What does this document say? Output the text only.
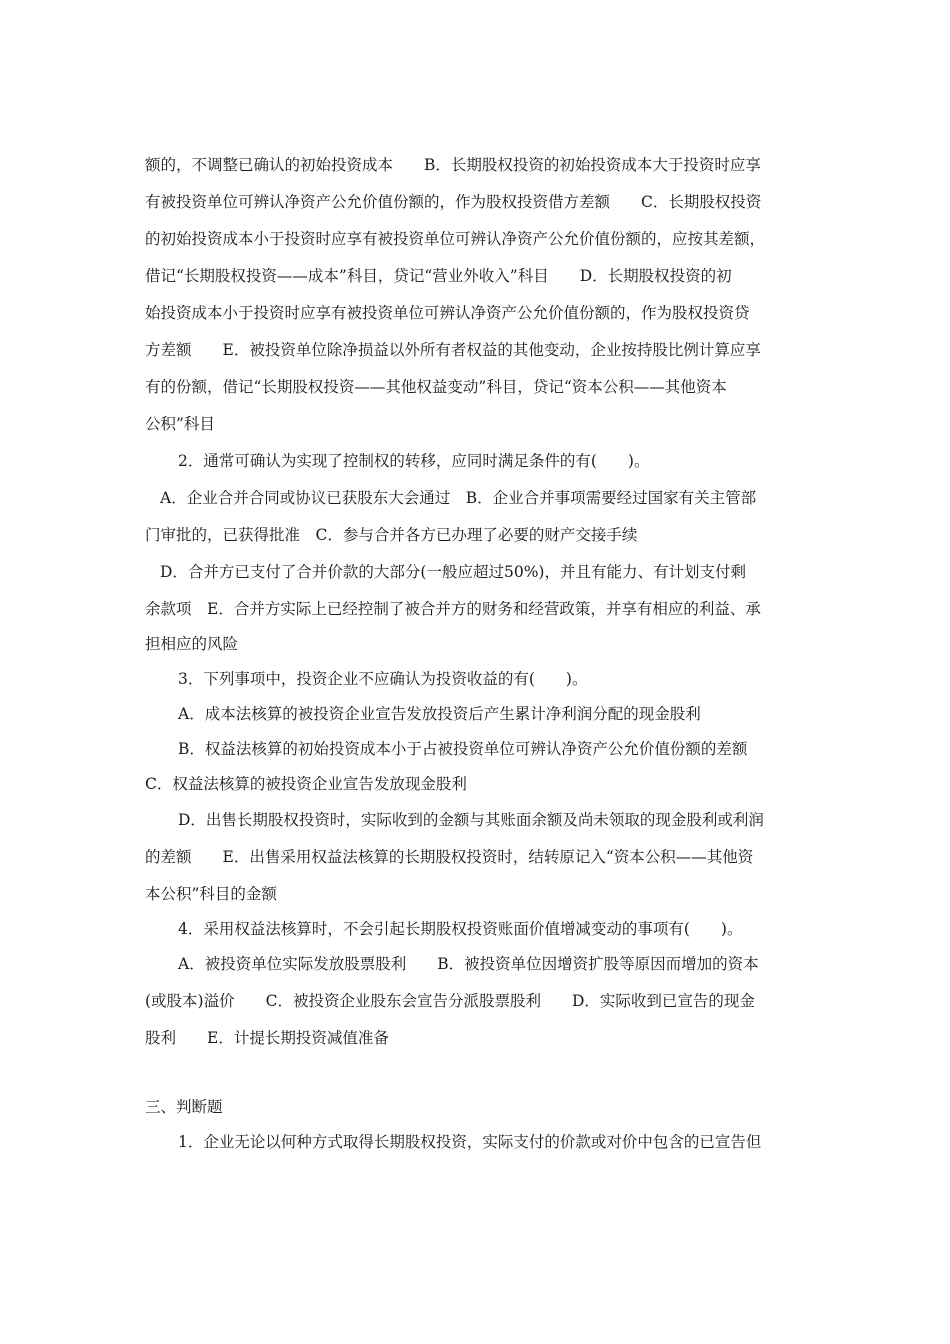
额的，不调整已确认的初始投资成本　　B．长期股权投资的初始投资成本大于投资时应享
有被投资单位可辨认净资产公允价值份额的，作为股权投资借方差额　　C．长期股权投资
的初始投资成本小于投资时应享有被投资单位可辨认净资产公允价值份额的，应按其差额，
借记“长期股权投资——成本”科目，贷记“营业外收入”科目　　D．长期股权投资的初
始投资成本小于投资时应享有被投资单位可辨认净资产公允价值份额的，作为股权投资贷
方差额　　E．被投资单位除净损益以外所有者权益的其他变动，企业按持股比例计算应享
有的份额，借记“长期股权投资——其他权益变动”科目，贷记“资本公积——其他资本
公积”科目
2．通常可确认为实现了控制权的转移，应同时满足条件的有(　　)。
A．企业合并合同或协议已获股东大会通过　B．企业合并事项需要经过国家有关主管部
门审批的，已获得批准　C．参与合并各方已办理了必要的财产交接手续
D．合并方已支付了合并价款的大部分(一般应超过50%)，并且有能力、有计划支付剩
余款项　E．合并方实际上已经控制了被合并方的财务和经营政策，并享有相应的利益、承
担相应的风险
3．下列事项中，投资企业不应确认为投资收益的有(　　)。
A．成本法核算的被投资企业宣告发放投资后产生累计净利润分配的现金股利
B．权益法核算的初始投资成本小于占被投资单位可辨认净资产公允价值份额的差额
C．权益法核算的被投资企业宣告发放现金股利
D．出售长期股权投资时，实际收到的金额与其账面余额及尚未领取的现金股利或利润
的差额　　E．出售采用权益法核算的长期股权投资时，结转原记入“资本公积——其他资
本公积”科目的金额
4．采用权益法核算时，不会引起长期股权投资账面价值增减变动的事项有(　　)。
A．被投资单位实际发放股票股利　　B．被投资单位因增资扩股等原因而增加的资本
(或股本)溢价　　C．被投资企业股东会宣告分派股票股利　　D．实际收到已宣告的现金
股利　　E．计提长期投资减值准备
三、判断题
1．企业无论以何种方式取得长期股权投资，实际支付的价款或对价中包含的已宣告但
